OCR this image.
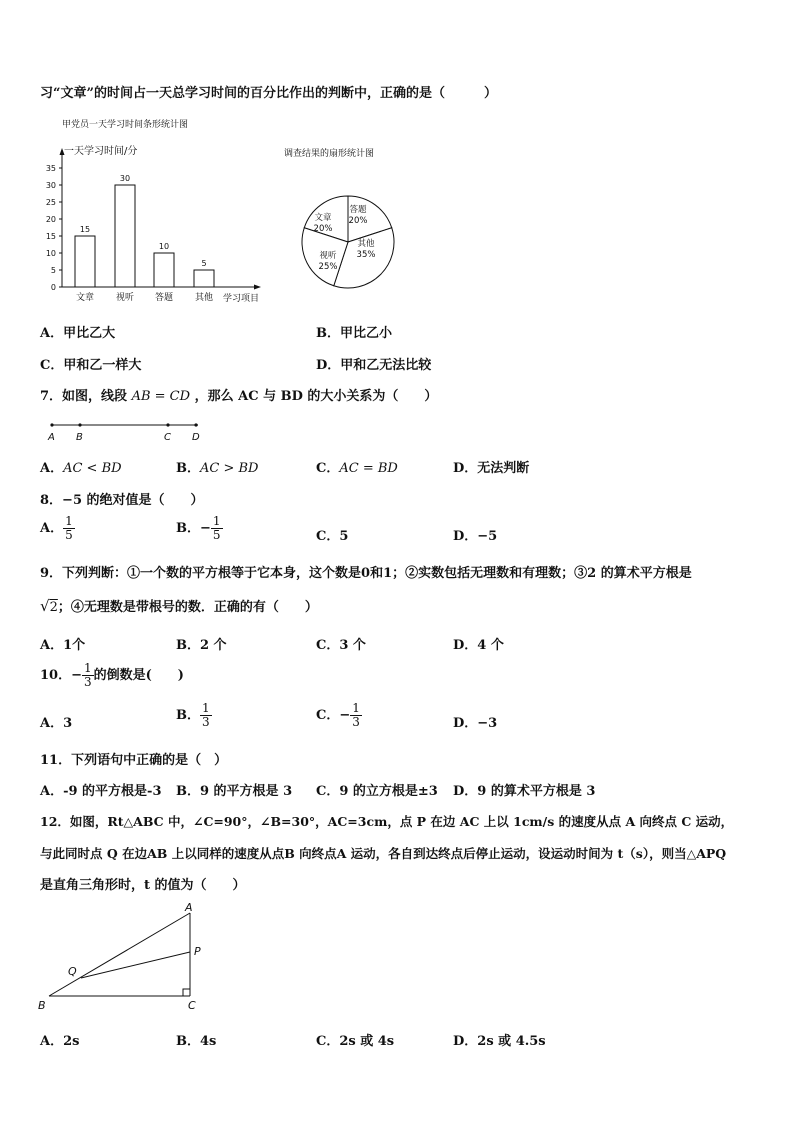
习“文章”的时间占一天总学习时间的百分比作出的判断中，正确的是（　　　）
甲党员一天学习时间条形统计图
一天学习时间/分
学习项目
0
5
10
15
20
25
30
35
15
文章
30
视听
10
答题
5
其他
调查结果的扇形统计图
文章
20%
答题
20%
其他
35%
视听
25%
A．甲比乙大	B．甲比乙小
C．甲和乙一样大	D．甲和乙无法比较
7．如图，线段 AB = CD ，那么 AC 与 BD 的大小关系为（　　）
A B	C D
A．AC < BD	B．AC > BD	C．AC = BD	D．无法判断
8．−5 的绝对值是（　　）
A． $\frac{1}{5}$	B．− $\frac{1}{5}$	C．5	D．−5
9．下列判断：①一个数的平方根等于它本身，这个数是0和1；②实数包括无理数和有理数；③2 的算术平方根是
√2；④无理数是带根号的数．正确的有（　　）
A．1个	B．2 个	C．3 个	D．4 个
10．− $\frac{1}{3}$ 的倒数是(　　)
A．3
B． $\frac{1}{3}$	C．− $\frac{1}{3}$	D．−3
11．下列语句中正确的是（　）
A．-9 的平方根是-3 B．9 的平方根是 3 C．9 的立方根是±3 D．9 的算术平方根是 3
12．如图，Rt△ABC 中，∠C=90°，∠B=30°，AC=3cm，点 P 在边 AC 上以 1cm/s 的速度从点 A 向终点 C 运动，
与此同时点 Q 在边AB 上以同样的速度从点B 向终点A 运动，各自到达终点后停止运动，设运动时间为 t（s），则当△APQ
是直角三角形时，t 的值为（　　）
A
B	C
P
Q
A．2s	B．4s	C．2s 或 4s	D．2s 或 4.5s
